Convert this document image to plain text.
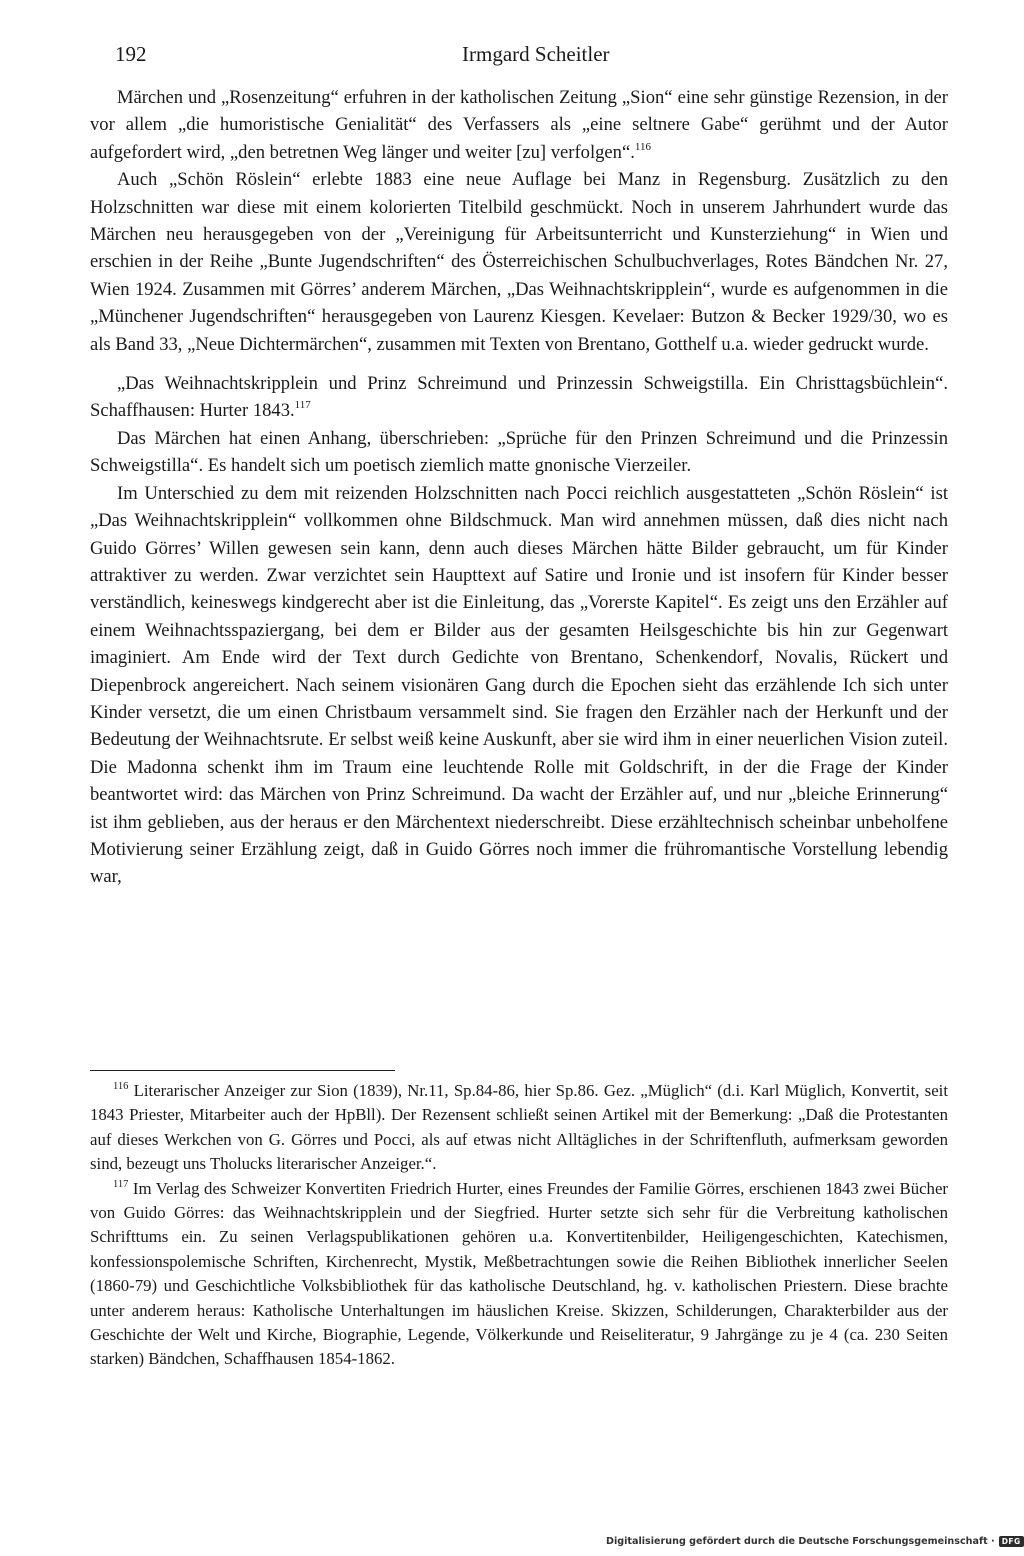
192	Irmgard Scheitler

Märchen und „Rosenzeitung“ erfuhren in der katholischen Zeitung „Sion“ eine sehr günstige Rezension, in der vor allem „die humoristische Genialität“ des Verfassers als „eine seltnere Gabe“ gerühmt und der Autor aufgefordert wird, „den betretnen Weg länger und weiter [zu] verfolgen“.$^{116}$

Auch „Schön Röslein“ erlebte 1883 eine neue Auflage bei Manz in Regensburg. Zusätzlich zu den Holzschnitten war diese mit einem kolorierten Titelbild geschmückt. Noch in unserem Jahrhundert wurde das Märchen neu herausgegeben von der „Vereinigung für Arbeitsunterricht und Kunsterziehung“ in Wien und erschien in der Reihe „Bunte Jugendschriften“ des Österreichischen Schulbuchverlages, Rotes Bändchen Nr. 27, Wien 1924. Zusammen mit Görres’ anderem Märchen, „Das Weihnachtskripplein“, wurde es aufgenommen in die „Münchener Jugendschriften“ herausgegeben von Laurenz Kiesgen. Kevelaer: Butzon & Becker 1929/30, wo es als Band 33, „Neue Dichtermärchen“, zusammen mit Texten von Brentano, Gotthelf u.a. wieder gedruckt wurde.

„Das Weihnachtskripplein und Prinz Schreimund und Prinzessin Schweigstilla. Ein Christtagsbüchlein“. Schaffhausen: Hurter 1843.$^{117}$

Das Märchen hat einen Anhang, überschrieben: „Sprüche für den Prinzen Schreimund und die Prinzessin Schweigstilla“. Es handelt sich um poetisch ziemlich matte gnonische Vierzeiler.

Im Unterschied zu dem mit reizenden Holzschnitten nach Pocci reichlich ausgestatteten „Schön Röslein“ ist „Das Weihnachtskripplein“ vollkommen ohne Bildschmuck. Man wird annehmen müssen, daß dies nicht nach Guido Görres’ Willen gewesen sein kann, denn auch dieses Märchen hätte Bilder gebraucht, um für Kinder attraktiver zu werden. Zwar verzichtet sein Haupttext auf Satire und Ironie und ist insofern für Kinder besser verständlich, keineswegs kindgerecht aber ist die Einleitung, das „Vorerste Kapitel“. Es zeigt uns den Erzähler auf einem Weihnachtsspaziergang, bei dem er Bilder aus der gesamten Heilsgeschichte bis hin zur Gegenwart imaginiert. Am Ende wird der Text durch Gedichte von Brentano, Schenkendorf, Novalis, Rückert und Diepenbrock angereichert. Nach seinem visionären Gang durch die Epochen sieht das erzählende Ich sich unter Kinder versetzt, die um einen Christbaum versammelt sind. Sie fragen den Erzähler nach der Herkunft und der Bedeutung der Weihnachtsrute. Er selbst weiß keine Auskunft, aber sie wird ihm in einer neuerlichen Vision zuteil. Die Madonna schenkt ihm im Traum eine leuchtende Rolle mit Goldschrift, in der die Frage der Kinder beantwortet wird: das Märchen von Prinz Schreimund. Da wacht der Erzähler auf, und nur „bleiche Erinnerung“ ist ihm geblieben, aus der heraus er den Märchentext niederschreibt. Diese erzähltechnisch scheinbar unbeholfene Motivierung seiner Erzählung zeigt, daß in Guido Görres noch immer die frühromantische Vorstellung lebendig war,

$^{116}$ Literarischer Anzeiger zur Sion (1839), Nr.11, Sp.84-86, hier Sp.86. Gez. „Müglich“ (d.i. Karl Müglich, Konvertit, seit 1843 Priester, Mitarbeiter auch der HpBll). Der Rezensent schließt seinen Artikel mit der Bemerkung: „Daß die Protestanten auf dieses Werkchen von G. Görres und Pocci, als auf etwas nicht Alltägliches in der Schriftenfluth, aufmerksam geworden sind, bezeugt uns Tholucks literarischer Anzeiger.“.

$^{117}$ Im Verlag des Schweizer Konvertiten Friedrich Hurter, eines Freundes der Familie Görres, erschienen 1843 zwei Bücher von Guido Görres: das Weihnachtskripplein und der Siegfried. Hurter setzte sich sehr für die Verbreitung katholischen Schrifttums ein. Zu seinen Verlagspublikationen gehören u.a. Konvertitenbilder, Heiligengeschichten, Katechismen, konfessionspolemische Schriften, Kirchenrecht, Mystik, Meßbetrachtungen sowie die Reihen Bibliothek innerlicher Seelen (1860-79) und Geschichtliche Volksbibliothek für das katholische Deutschland, hg. v. katholischen Priestern. Diese brachte unter anderem heraus: Katholische Unterhaltungen im häuslichen Kreise. Skizzen, Schilderungen, Charakterbilder aus der Geschichte der Welt und Kirche, Biographie, Legende, Völkerkunde und Reiseliteratur, 9 Jahrgänge zu je 4 (ca. 230 Seiten starken) Bändchen, Schaffhausen 1854-1862.

Digitalisierung gefördert durch die Deutsche Forschungsgemeinschaft · DFG
